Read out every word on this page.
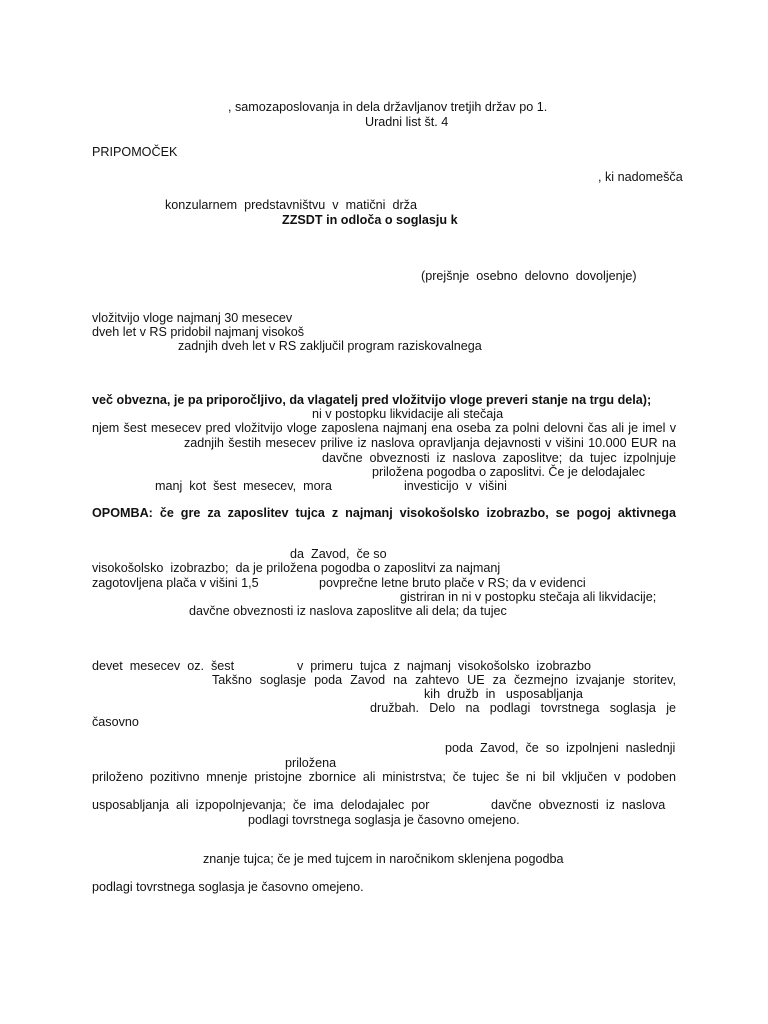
, samozaposlovanja in dela državljanov tretjih držav po 1.
Uradni list št. 4
PRIPOMOČEK
, ki nadomešča
konzularnem  predstavništvu  v  matični  drža
ZZSDT in odloča o soglasju k
(prejšnje  osebno  delovno  dovoljenje)
vložitvijo vloge najmanj 30 mesecev
dveh let v RS pridobil najmanj visokoš
zadnjih dveh let v RS zaključil program raziskovalnega
več obvezna, je pa priporočljivo, da vlagatelj pred vložitvijo vloge preveri stanje na trgu dela);
ni v postopku likvidacije ali stečaja
njem šest mesecev pred vložitvijo vloge zaposlena najmanj ena oseba za polni delovni čas ali je imel v
zadnjih šestih mesecev prilive iz naslova opravljanja dejavnosti v višini 10.000 EUR na
davčne obveznosti iz naslova zaposlitve; da tujec izpolnjuje
priložena pogodba o zaposlitvi. Če je delodajalec
manj  kot  šest  mesecev,  mora	investicijo  v  višini
OPOMBA: če gre za zaposlitev tujca z najmanj visokošolsko izobrazbo, se pogoj aktivnega
da  Zavod,  če so
visokošolsko  izobrazbo;  da je priložena pogodba o zaposlitvi za najmanj
zagotovljena plača v višini 1,5	povprečne letne bruto plače v RS; da v evidenci
gistriran in ni v postopku stečaja ali likvidacije;
davčne obveznosti iz naslova zaposlitve ali dela; da tujec
devet  mesecev  oz.  šest	v  primeru  tujca  z  najmanj  visokošolsko  izobrazbo
Takšno soglasje poda Zavod na zahtevo UE za čezmejno izvajanje storitev,
kih  družb  in   usposabljanja
družbah. Delo na podlagi tovrstnega soglasja je
časovno
poda  Zavod,  če  so  izpolnjeni  naslednji
priložena
priloženo pozitivno mnenje pristojne zbornice ali ministrstva; če tujec še ni bil vključen v podoben
usposabljanja  ali  izpopolnjevanja;  če  ima  delodajalec  por	davčne  obveznosti  iz  naslova
podlagi tovrstnega soglasja je časovno omejeno.
znanje tujca; če je med tujcem in naročnikom sklenjena pogodba
podlagi tovrstnega soglasja je časovno omejeno.
